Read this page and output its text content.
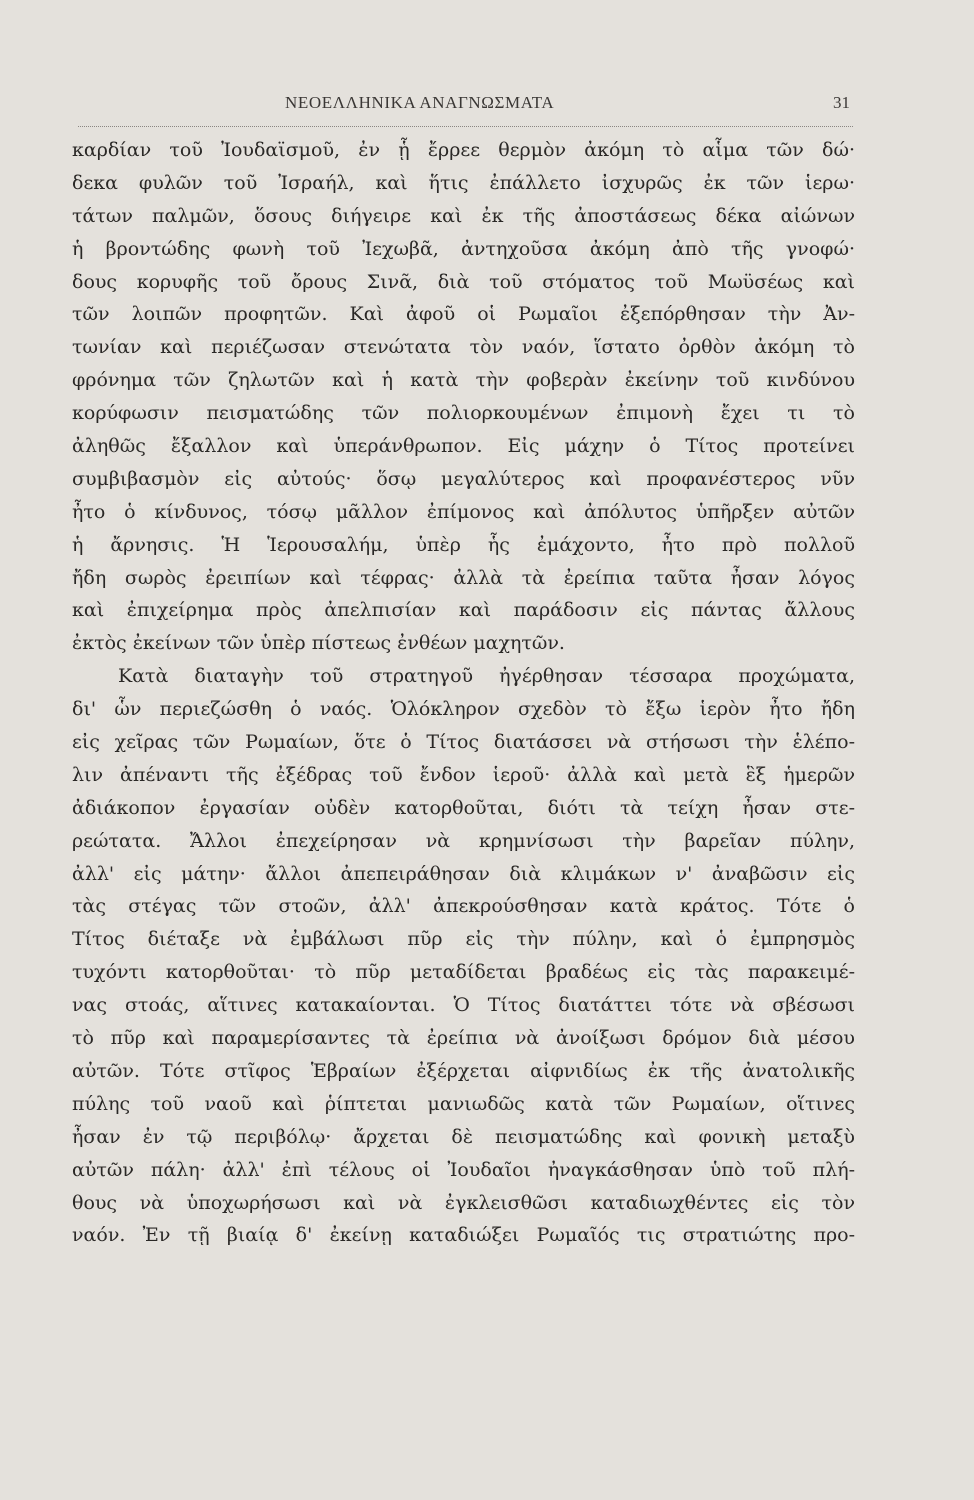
ΝΕΟΕΛΛΗΝΙΚΑ ΑΝΑΓΝΩΣΜΑΤΑ	31
καρδίαν τοῦ Ἰουδαϊσμοῦ, ἐν ᾗ ἔρρεε θερμὸν ἀκόμη τὸ αἷμα τῶν δώ·
δεκα φυλῶν τοῦ Ἰσραήλ, καὶ ἥτις ἐπάλλετο ἰσχυρῶς ἐκ τῶν ἱερω·
τάτων παλμῶν, ὅσους διήγειρε καὶ ἐκ τῆς ἀποστάσεως δέκα αἰώνων
ἡ βροντώδης φωνὴ τοῦ Ἰεχωβᾶ, ἀντηχοῦσα ἀκόμη ἀπὸ τῆς γνοφώ·
δους κορυφῆς τοῦ ὄρους Σινᾶ, διὰ τοῦ στόματος τοῦ Μωϋσέως καὶ
τῶν λοιπῶν προφητῶν. Καὶ ἀφοῦ οἱ Ρωμαῖοι ἐξεπόρθησαν τὴν Ἀν-
τωνίαν καὶ περιέζωσαν στενώτατα τὸν ναόν, ἵστατο ὀρθὸν ἀκόμη τὸ
φρόνημα τῶν ζηλωτῶν καὶ ἡ κατὰ τὴν φοβερὰν ἐκείνην τοῦ κινδύνου
κορύφωσιν πεισματώδης τῶν πολιορκουμένων ἐπιμονὴ ἔχει τι τὸ
ἀληθῶς ἔξαλλον καὶ ὑπεράνθρωπον. Εἰς μάχην ὁ Τίτος προτείνει
συμβιβασμὸν εἰς αὐτούς· ὅσῳ μεγαλύτερος καὶ προφανέστερος νῦν
ἦτο ὁ κίνδυνος, τόσῳ μᾶλλον ἐπίμονος καὶ ἀπόλυτος ὑπῆρξεν αὐτῶν
ἡ ἄρνησις. Ἡ Ἱερουσαλήμ, ὑπὲρ ἧς ἐμάχοντο, ἦτο πρὸ πολλοῦ
ἤδη σωρὸς ἐρειπίων καὶ τέφρας· ἀλλὰ τὰ ἐρείπια ταῦτα ἦσαν λόγος
καὶ ἐπιχείρημα πρὸς ἀπελπισίαν καὶ παράδοσιν εἰς πάντας ἄλλους
ἐκτὸς ἐκείνων τῶν ὑπὲρ πίστεως ἐνθέων μαχητῶν.
Κατὰ διαταγὴν τοῦ στρατηγοῦ ἠγέρθησαν τέσσαρα προχώματα,
δι' ὧν περιεζώσθη ὁ ναός. Ὁλόκληρον σχεδὸν τὸ ἔξω ἱερὸν ἦτο ἤδη
εἰς χεῖρας τῶν Ρωμαίων, ὅτε ὁ Τίτος διατάσσει νὰ στήσωσι τὴν ἑλέπο-
λιν ἀπέναντι τῆς ἐξέδρας τοῦ ἔνδον ἱεροῦ· ἀλλὰ καὶ μετὰ ἓξ ἡμερῶν
ἀδιάκοπον ἐργασίαν οὐδὲν κατορθοῦται, διότι τὰ τείχη ἦσαν στε-
ρεώτατα. Ἄλλοι ἐπεχείρησαν νὰ κρημνίσωσι τὴν βαρεῖαν πύλην,
ἀλλ' εἰς μάτην· ἄλλοι ἀπεπειράθησαν διὰ κλιμάκων ν' ἀναβῶσιν εἰς
τὰς στέγας τῶν στοῶν, ἀλλ' ἀπεκρούσθησαν κατὰ κράτος. Τότε ὁ
Τίτος διέταξε νὰ ἐμβάλωσι πῦρ εἰς τὴν πύλην, καὶ ὁ ἐμπρησμὸς
τυχόντι κατορθοῦται· τὸ πῦρ μεταδίδεται βραδέως εἰς τὰς παρακειμέ-
νας στοάς, αἵτινες κατακαίονται. Ὁ Τίτος διατάττει τότε νὰ σβέσωσι
τὸ πῦρ καὶ παραμερίσαντες τὰ ἐρείπια νὰ ἀνοίξωσι δρόμον διὰ μέσου
αὐτῶν. Τότε στῖφος Ἑβραίων ἐξέρχεται αἰφνιδίως ἐκ τῆς ἀνατολικῆς
πύλης τοῦ ναοῦ καὶ ῥίπτεται μανιωδῶς κατὰ τῶν Ρωμαίων, οἵτινες
ἦσαν ἐν τῷ περιβόλῳ· ἄρχεται δὲ πεισματώδης καὶ φονικὴ μεταξὺ
αὐτῶν πάλη· ἀλλ' ἐπὶ τέλους οἱ Ἰουδαῖοι ἠναγκάσθησαν ὑπὸ τοῦ πλή-
θους νὰ ὑποχωρήσωσι καὶ νὰ ἐγκλεισθῶσι καταδιωχθέντες εἰς τὸν
ναόν. Ἐν τῇ βιαίᾳ δ' ἐκείνῃ καταδιώξει Ρωμαῖός τις στρατιώτης προ-
